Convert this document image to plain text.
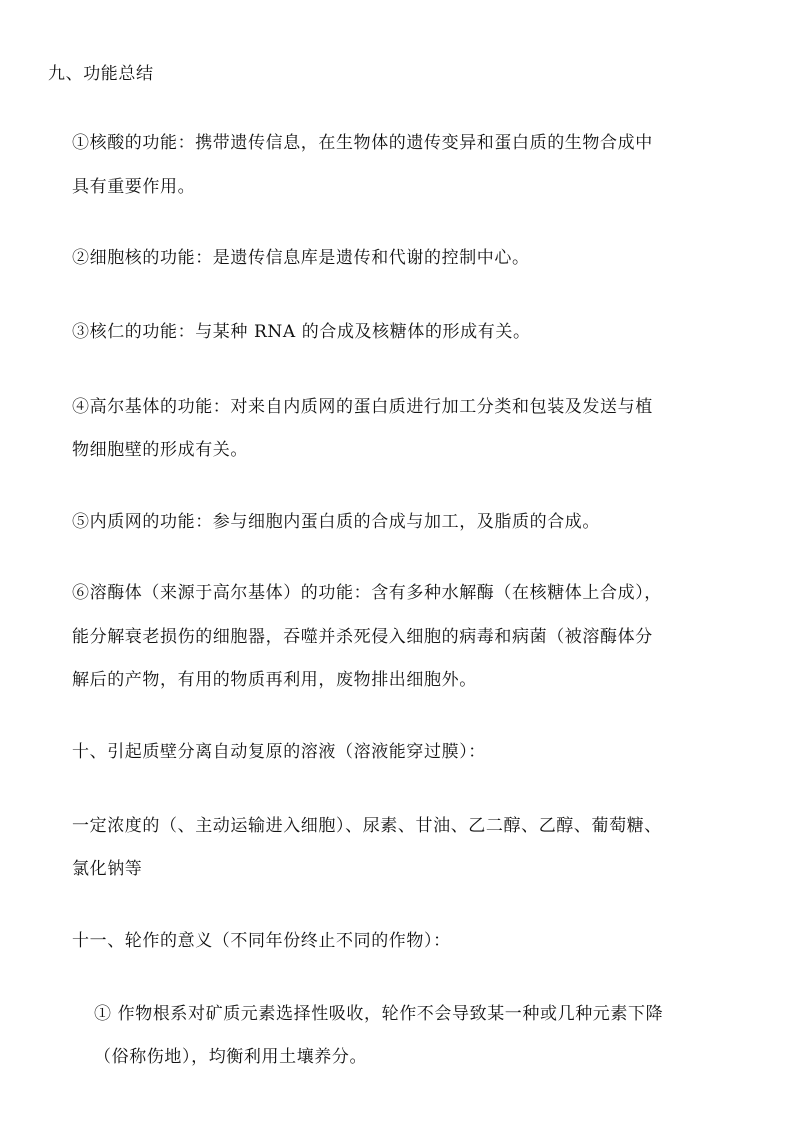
九、功能总结
①核酸的功能：携带遗传信息，在生物体的遗传变异和蛋白质的生物合成中
具有重要作用。
②细胞核的功能：是遗传信息库是遗传和代谢的控制中心。
③核仁的功能：与某种 RNA 的合成及核糖体的形成有关。
④高尔基体的功能：对来自内质网的蛋白质进行加工分类和包装及发送与植
物细胞壁的形成有关。
⑤内质网的功能：参与细胞内蛋白质的合成与加工，及脂质的合成。
⑥溶酶体（来源于高尔基体）的功能：含有多种水解酶（在核糖体上合成），
能分解衰老损伤的细胞器，吞噬并杀死侵入细胞的病毒和病菌（被溶酶体分
解后的产物，有用的物质再利用，废物排出细胞外。
十、引起质壁分离自动复原的溶液（溶液能穿过膜）：
一定浓度的（、主动运输进入细胞）、尿素、甘油、乙二醇、乙醇、葡萄糖、
氯化钠等
十一、轮作的意义（不同年份终止不同的作物）：
① 作物根系对矿质元素选择性吸收，轮作不会导致某一种或几种元素下降
（俗称伤地），均衡利用土壤养分。
